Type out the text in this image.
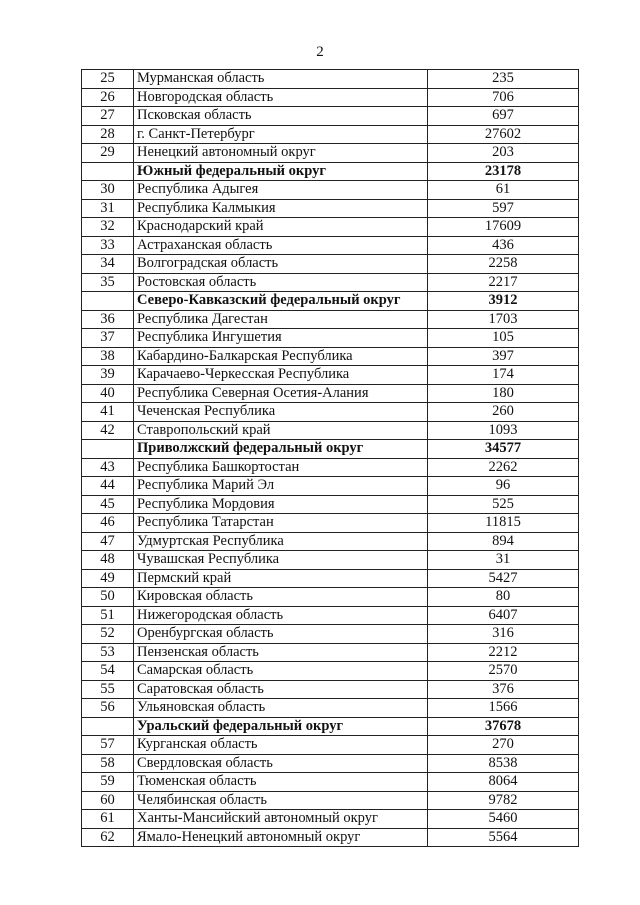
2
25	Мурманская область	235
26	Новгородская область	706
27	Псковская область	697
28	г. Санкт-Петербург	27602
29	Ненецкий автономный округ	203
	Южный федеральный округ	23178
30	Республика Адыгея	61
31	Республика Калмыкия	597
32	Краснодарский край	17609
33	Астраханская область	436
34	Волгоградская область	2258
35	Ростовская область	2217
	Северо-Кавказский федеральный округ	3912
36	Республика Дагестан	1703
37	Республика Ингушетия	105
38	Кабардино-Балкарская Республика	397
39	Карачаево-Черкесская Республика	174
40	Республика Северная Осетия-Алания	180
41	Чеченская Республика	260
42	Ставропольский край	1093
	Приволжский федеральный округ	34577
43	Республика Башкортостан	2262
44	Республика Марий Эл	96
45	Республика Мордовия	525
46	Республика Татарстан	11815
47	Удмуртская Республика	894
48	Чувашская Республика	31
49	Пермский край	5427
50	Кировская область	80
51	Нижегородская область	6407
52	Оренбургская область	316
53	Пензенская область	2212
54	Самарская область	2570
55	Саратовская область	376
56	Ульяновская область	1566
	Уральский федеральный округ	37678
57	Курганская область	270
58	Свердловская область	8538
59	Тюменская область	8064
60	Челябинская область	9782
61	Ханты-Мансийский автономный округ	5460
62	Ямало-Ненецкий автономный округ	5564
